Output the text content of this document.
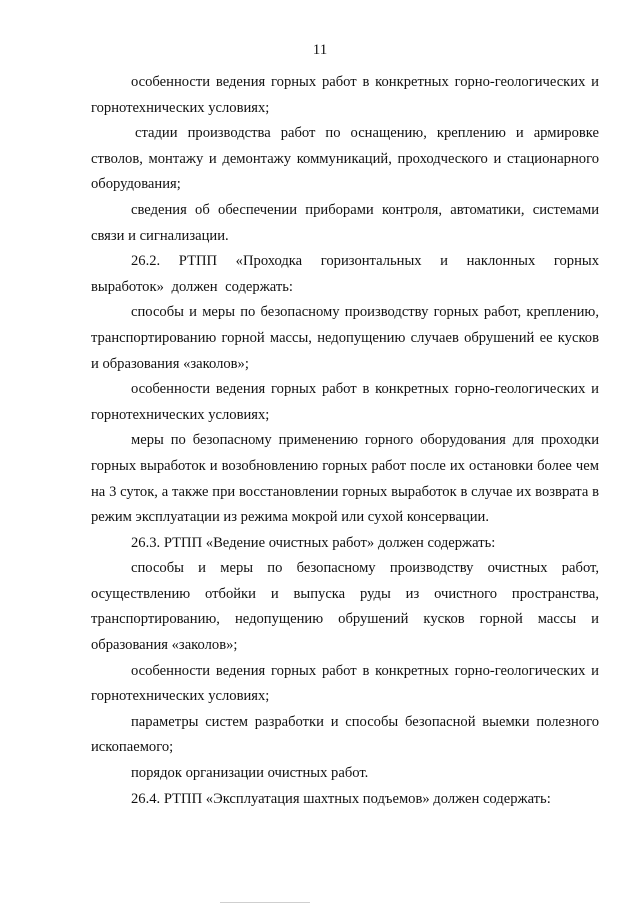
11

особенности ведения горных работ в конкретных горно-геологических и горнотехнических условиях;

стадии производства работ по оснащению, креплению и армировке стволов, монтажу и демонтажу коммуникаций, проходческого и стационарного оборудования;

сведения об обеспечении приборами контроля, автоматики, системами связи и сигнализации.

26.2. РТПП «Проходка горизонтальных и наклонных горных выработок» должен содержать:

способы и меры по безопасному производству горных работ, креплению, транспортированию горной массы, недопущению случаев обрушений ее кусков и образования «заколов»;

особенности ведения горных работ в конкретных горно-геологических и горнотехнических условиях;

меры по безопасному применению горного оборудования для проходки горных выработок и возобновлению горных работ после их остановки более чем на 3 суток, а также при восстановлении горных выработок в случае их возврата в режим эксплуатации из режима мокрой или сухой консервации.

26.3. РТПП «Ведение очистных работ» должен содержать:

способы и меры по безопасному производству очистных работ, осуществлению отбойки и выпуска руды из очистного пространства, транспортированию, недопущению обрушений кусков горной массы и образования «заколов»;

особенности ведения горных работ в конкретных горно-геологических и горнотехнических условиях;

параметры систем разработки и способы безопасной выемки полезного ископаемого;

порядок организации очистных работ.

26.4. РТПП «Эксплуатация шахтных подъемов» должен содержать:
